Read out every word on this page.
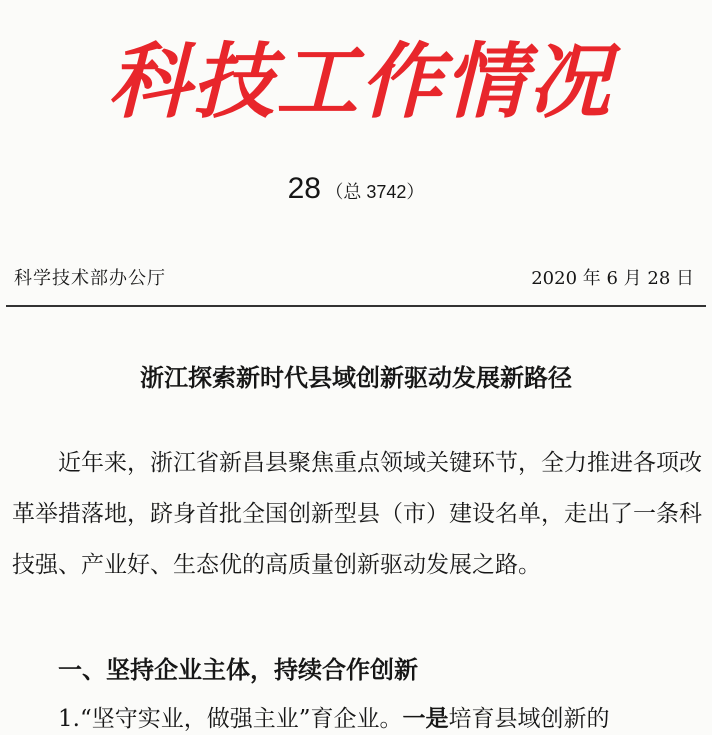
科技工作情况
28 （总 3742）
科学技术部办公厅	2020 年 6 月 28 日
浙江探索新时代县域创新驱动发展新路径
近年来，浙江省新昌县聚焦重点领域关键环节，全力推进各项改革举措落地，跻身首批全国创新型县（市）建设名单，走出了一条科技强、产业好、生态优的高质量创新驱动发展之路。
一、坚持企业主体，持续合作创新
1.“坚守实业，做强主业”育企业。一是培育县域创新的
